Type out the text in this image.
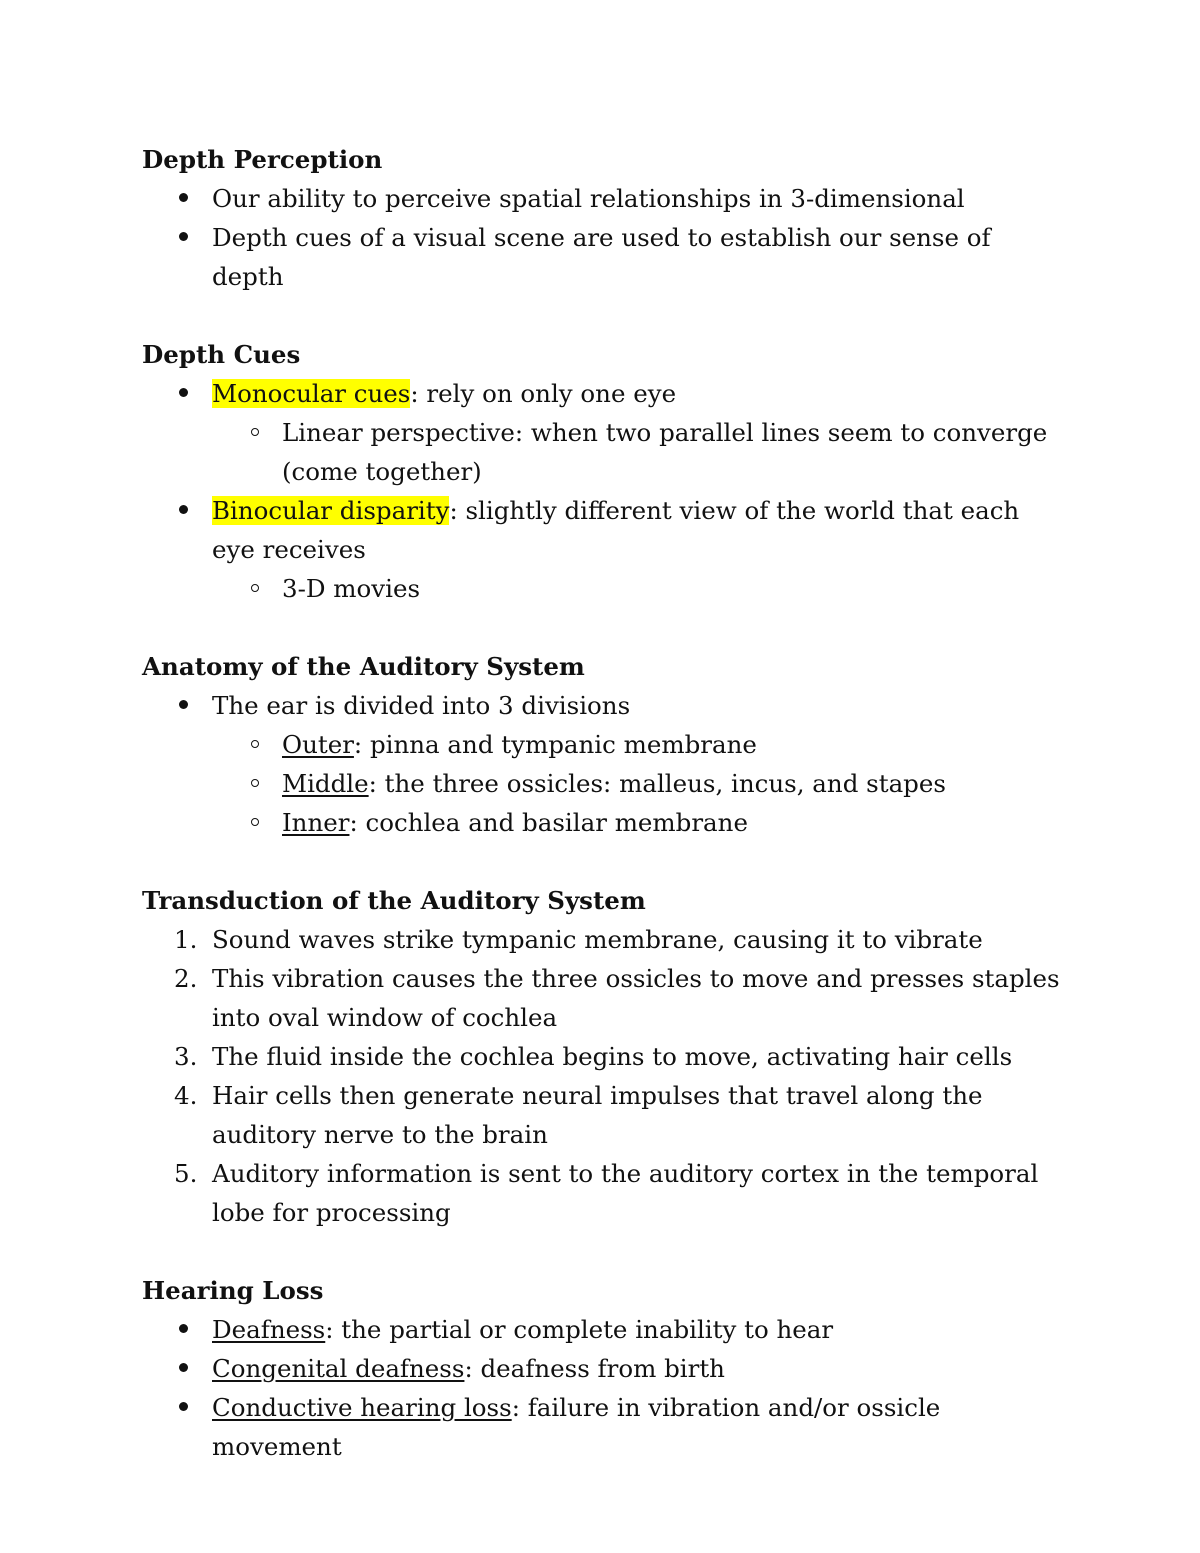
Depth Perception

Our ability to perceive spatial relationships in 3-dimensional
Depth cues of a visual scene are used to establish our sense of depth

Depth Cues

Monocular cues: rely on only one eye
Linear perspective: when two parallel lines seem to converge (come together)
Binocular disparity: slightly different view of the world that each eye receives
3-D movies

Anatomy of the Auditory System

The ear is divided into 3 divisions
Outer: pinna and tympanic membrane
Middle: the three ossicles: malleus, incus, and stapes
Inner: cochlea and basilar membrane

Transduction of the Auditory System

1. Sound waves strike tympanic membrane, causing it to vibrate
2. This vibration causes the three ossicles to move and presses staples into oval window of cochlea
3. The fluid inside the cochlea begins to move, activating hair cells
4. Hair cells then generate neural impulses that travel along the auditory nerve to the brain
5. Auditory information is sent to the auditory cortex in the temporal lobe for processing

Hearing Loss

Deafness: the partial or complete inability to hear
Congenital deafness: deafness from birth
Conductive hearing loss: failure in vibration and/or ossicle movement
